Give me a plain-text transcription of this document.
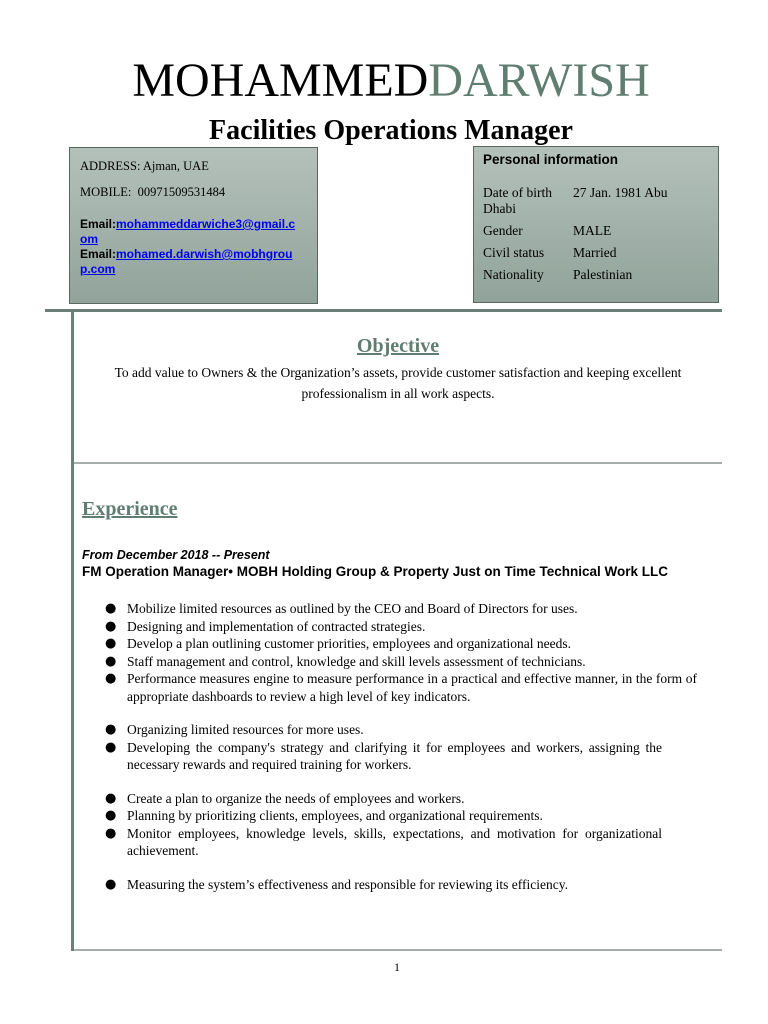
MOHAMMEDDARWISH
Facilities Operations Manager
ADDRESS: Ajman, UAE
MOBILE:  00971509531484
Email:mohammeddarwiche3@gmail.com
Email:mohamed.darwish@mobhgroup.com
Personal information
Date of birth 27 Jan. 1981 Abu Dhabi
Gender	MALE
Civil status Married
Nationality Palestinian
Objective
To add value to Owners & the Organization’s assets, provide customer satisfaction and keeping excellent professionalism in all work aspects.
Experience
From December 2018 -- Present
FM Operation Manager• MOBH Holding Group & Property Just on Time Technical Work LLC
● Mobilize limited resources as outlined by the CEO and Board of Directors for uses.
● Designing and implementation of contracted strategies.
● Develop a plan outlining customer priorities, employees and organizational needs.
● Staff management and control, knowledge and skill levels assessment of technicians.
● Performance measures engine to measure performance in a practical and effective manner, in the form of appropriate dashboards to review a high level of key indicators.
● Organizing limited resources for more uses.
● Developing the company's strategy and clarifying it for employees and workers, assigning the necessary rewards and required training for workers.
● Create a plan to organize the needs of employees and workers.
● Planning by prioritizing clients, employees, and organizational requirements.
● Monitor employees, knowledge levels, skills, expectations, and motivation for organizational achievement.
● Measuring the system’s effectiveness and responsible for reviewing its efficiency.
1
